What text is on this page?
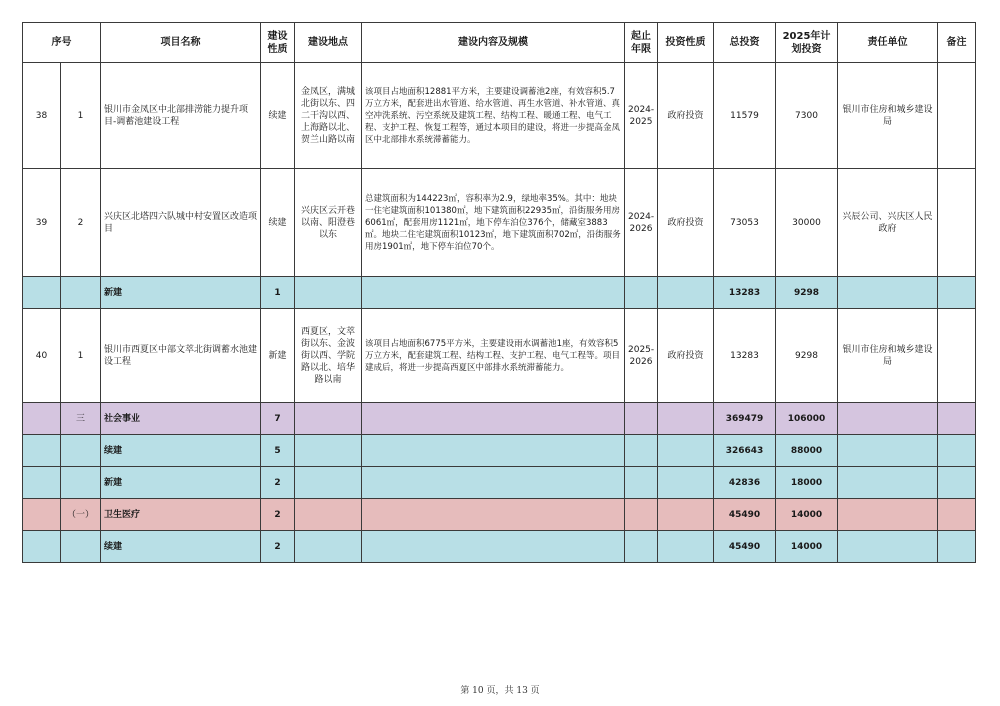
序号		项目名称	建设性质	建设地点	建设内容及规模	起止年限	投资性质	总投资	2025年计划投资	责任单位	备注
38	1	银川市金凤区中北部排涝能力提升项目-调蓄池建设工程	续建	金凤区，满城北街以东、四二干沟以西、上海路以北、贺兰山路以南	该项目占地面积12881平方米，主要建设调蓄池2座，有效容积5.7万立方米，配套进出水管道、给水管道、再生水管道、补水管道、真空冲洗系统、污空系统及建筑工程、结构工程、暖通工程、电气工程、支护工程、恢复工程等，通过本项目的建设，将进一步提高金凤区中北部排水系统滞蓄能力。	2024-2025	政府投资	11579	7300	银川市住房和城乡建设局	
39	2	兴庆区北塔四六队城中村安置区改造项目	续建	兴庆区云开巷以南、阳澄巷以东	总建筑面积为144223㎡，容积率为2.9，绿地率35%。其中：地块一住宅建筑面积101380㎡，地下建筑面积22935㎡，沿街服务用房6061㎡，配套用房1121㎡，地下停车泊位376个，储藏室3883㎡。地块二住宅建筑面积10123㎡，地下建筑面积702㎡，沿街服务用房1901㎡，地下停车泊位70个。	2024-2026	政府投资	73053	30000	兴辰公司、兴庆区人民政府	
		新建	1					13283	9298		
40	1	银川市西夏区中部文萃北街调蓄水池建设工程	新建	西夏区，文萃街以东、金波街以西、学院路以北、培华路以南	该项目占地面积6775平方米，主要建设雨水调蓄池1座，有效容积5万立方米，配套建筑工程、结构工程、支护工程、电气工程等。项目建成后，将进一步提高西夏区中部排水系统滞蓄能力。	2025-2026	政府投资	13283	9298	银川市住房和城乡建设局	
	三	社会事业	7					369479	106000		
		续建	5					326643	88000		
		新建	2					42836	18000		
	（一）	卫生医疗	2					45490	14000		
		续建	2					45490	14000		
第 10 页，共 13 页
